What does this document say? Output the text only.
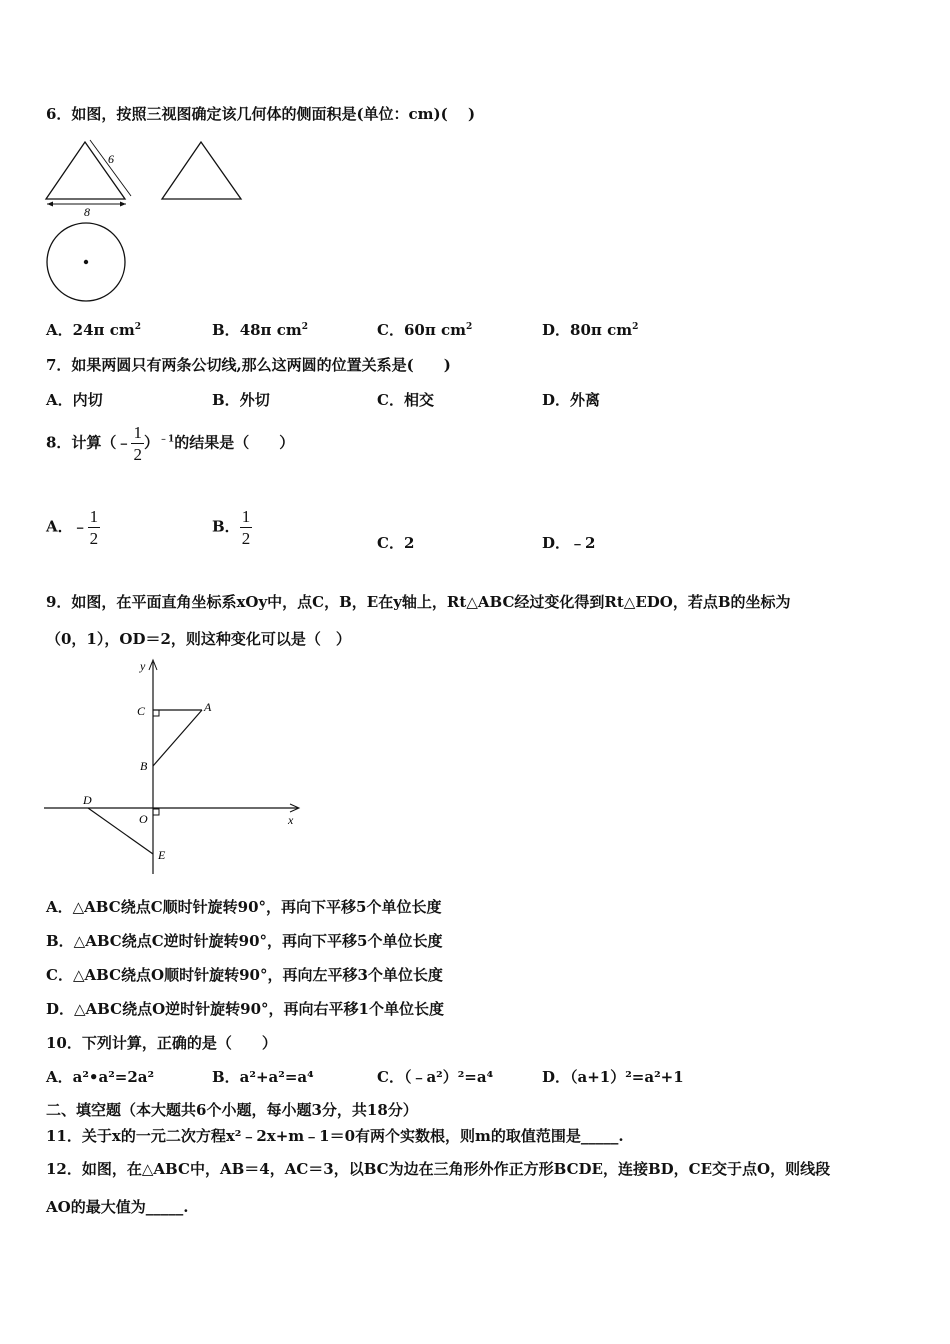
6．如图，按照三视图确定该几何体的侧面积是(单位：cm)(　 )
6
8
A．24π $cm^2$	B．48π $cm^2$	C．60π $cm^2$	D．80π $cm^2$
7．如果两圆只有两条公切线,那么这两圆的位置关系是(　　)
A．内切	B．外切	C．相交	D．外离
8．计算（﹣ $\frac{1}{2} )^{﹣1}$的结果是（　　）
A．﹣ $\frac{1}{2}$	B． $\frac{1}{2}$	C．2	D．﹣2
9．如图，在平面直角坐标系xOy中，点C，B，E在y轴上，Rt△ABC经过变化得到Rt△EDO，若点B的坐标为
（0，1），OD＝2，则这种变化可以是（　）
y
x
C	A
B
D
O
E
A．△ABC绕点C顺时针旋转90°，再向下平移5个单位长度
B．△ABC绕点C逆时针旋转90°，再向下平移5个单位长度
C．△ABC绕点O顺时针旋转90°，再向左平移3个单位长度
D．△ABC绕点O逆时针旋转90°，再向右平移1个单位长度
10．下列计算，正确的是（　　）
A．a²•a²=2a²	B．a²+a²=a⁴	C．（﹣a²）²=a⁴	D．（a+1）²=a²+1
二、填空题（本大题共6个小题，每小题3分，共18分）
11．关于x的一元二次方程x²﹣2x+m﹣1＝0有两个实数根，则m的取值范围是_____.
12．如图，在△ABC中，AB＝4，AC＝3，以BC为边在三角形外作正方形BCDE，连接BD，CE交于点O，则线段
AO的最大值为_____.
